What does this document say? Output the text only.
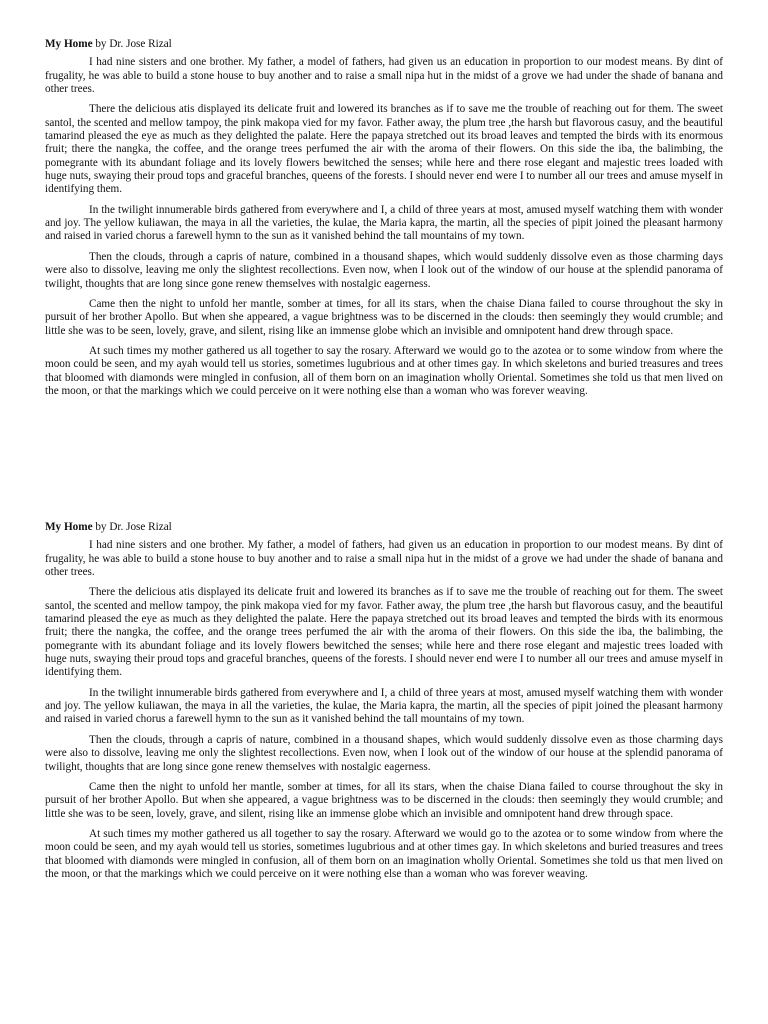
My Home by Dr. Jose Rizal

I had nine sisters and one brother. My father, a model of fathers, had given us an education in proportion to our modest means. By dint of frugality, he was able to build a stone house to buy another and to raise a small nipa hut in the midst of a grove we had under the shade of banana and other trees.

There the delicious atis displayed its delicate fruit and lowered its branches as if to save me the trouble of reaching out for them. The sweet santol, the scented and mellow tampoy, the pink makopa vied for my favor. Father away, the plum tree ,the harsh but flavorous casuy, and the beautiful tamarind pleased the eye as much as they delighted the palate. Here the papaya stretched out its broad leaves and tempted the birds with its enormous fruit; there the nangka, the coffee, and the orange trees perfumed the air with the aroma of their flowers. On this side the iba, the balimbing, the pomegrante with its abundant foliage and its lovely flowers bewitched the senses; while here and there rose elegant and majestic trees loaded with huge nuts, swaying their proud tops and graceful branches, queens of the forests. I should never end were I to number all our trees and amuse myself in identifying them.

In the twilight innumerable birds gathered from everywhere and I, a child of three years at most, amused myself watching them with wonder and joy. The yellow kuliawan, the maya in all the varieties, the kulae, the Maria kapra, the martin, all the species of pipit joined the pleasant harmony and raised in varied chorus a farewell hymn to the sun as it vanished behind the tall mountains of my town.

Then the clouds, through a capris of nature, combined in a thousand shapes, which would suddenly dissolve even as those charming days were also to dissolve, leaving me only the slightest recollections. Even now, when I look out of the window of our house at the splendid panorama of twilight, thoughts that are long since gone renew themselves with nostalgic eagerness.

Came then the night to unfold her mantle, somber at times, for all its stars, when the chaise Diana failed to course throughout the sky in pursuit of her brother Apollo. But when she appeared, a vague brightness was to be discerned in the clouds: then seemingly they would crumble; and little she was to be seen, lovely, grave, and silent, rising like an immense globe which an invisible and omnipotent hand drew through space.

At such times my mother gathered us all together to say the rosary. Afterward we would go to the azotea or to some window from where the moon could be seen, and my ayah would tell us stories, sometimes lugubrious and at other times gay. In which skeletons and buried treasures and trees that bloomed with diamonds were mingled in confusion, all of them born on an imagination wholly Oriental. Sometimes she told us that men lived on the moon, or that the markings which we could perceive on it were nothing else than a woman who was forever weaving.

My Home by Dr. Jose Rizal

I had nine sisters and one brother. My father, a model of fathers, had given us an education in proportion to our modest means. By dint of frugality, he was able to build a stone house to buy another and to raise a small nipa hut in the midst of a grove we had under the shade of banana and other trees.

There the delicious atis displayed its delicate fruit and lowered its branches as if to save me the trouble of reaching out for them. The sweet santol, the scented and mellow tampoy, the pink makopa vied for my favor. Father away, the plum tree ,the harsh but flavorous casuy, and the beautiful tamarind pleased the eye as much as they delighted the palate. Here the papaya stretched out its broad leaves and tempted the birds with its enormous fruit; there the nangka, the coffee, and the orange trees perfumed the air with the aroma of their flowers. On this side the iba, the balimbing, the pomegrante with its abundant foliage and its lovely flowers bewitched the senses; while here and there rose elegant and majestic trees loaded with huge nuts, swaying their proud tops and graceful branches, queens of the forests. I should never end were I to number all our trees and amuse myself in identifying them.

In the twilight innumerable birds gathered from everywhere and I, a child of three years at most, amused myself watching them with wonder and joy. The yellow kuliawan, the maya in all the varieties, the kulae, the Maria kapra, the martin, all the species of pipit joined the pleasant harmony and raised in varied chorus a farewell hymn to the sun as it vanished behind the tall mountains of my town.

Then the clouds, through a capris of nature, combined in a thousand shapes, which would suddenly dissolve even as those charming days were also to dissolve, leaving me only the slightest recollections. Even now, when I look out of the window of our house at the splendid panorama of twilight, thoughts that are long since gone renew themselves with nostalgic eagerness.

Came then the night to unfold her mantle, somber at times, for all its stars, when the chaise Diana failed to course throughout the sky in pursuit of her brother Apollo. But when she appeared, a vague brightness was to be discerned in the clouds: then seemingly they would crumble; and little she was to be seen, lovely, grave, and silent, rising like an immense globe which an invisible and omnipotent hand drew through space.

At such times my mother gathered us all together to say the rosary. Afterward we would go to the azotea or to some window from where the moon could be seen, and my ayah would tell us stories, sometimes lugubrious and at other times gay. In which skeletons and buried treasures and trees that bloomed with diamonds were mingled in confusion, all of them born on an imagination wholly Oriental. Sometimes she told us that men lived on the moon, or that the markings which we could perceive on it were nothing else than a woman who was forever weaving.
